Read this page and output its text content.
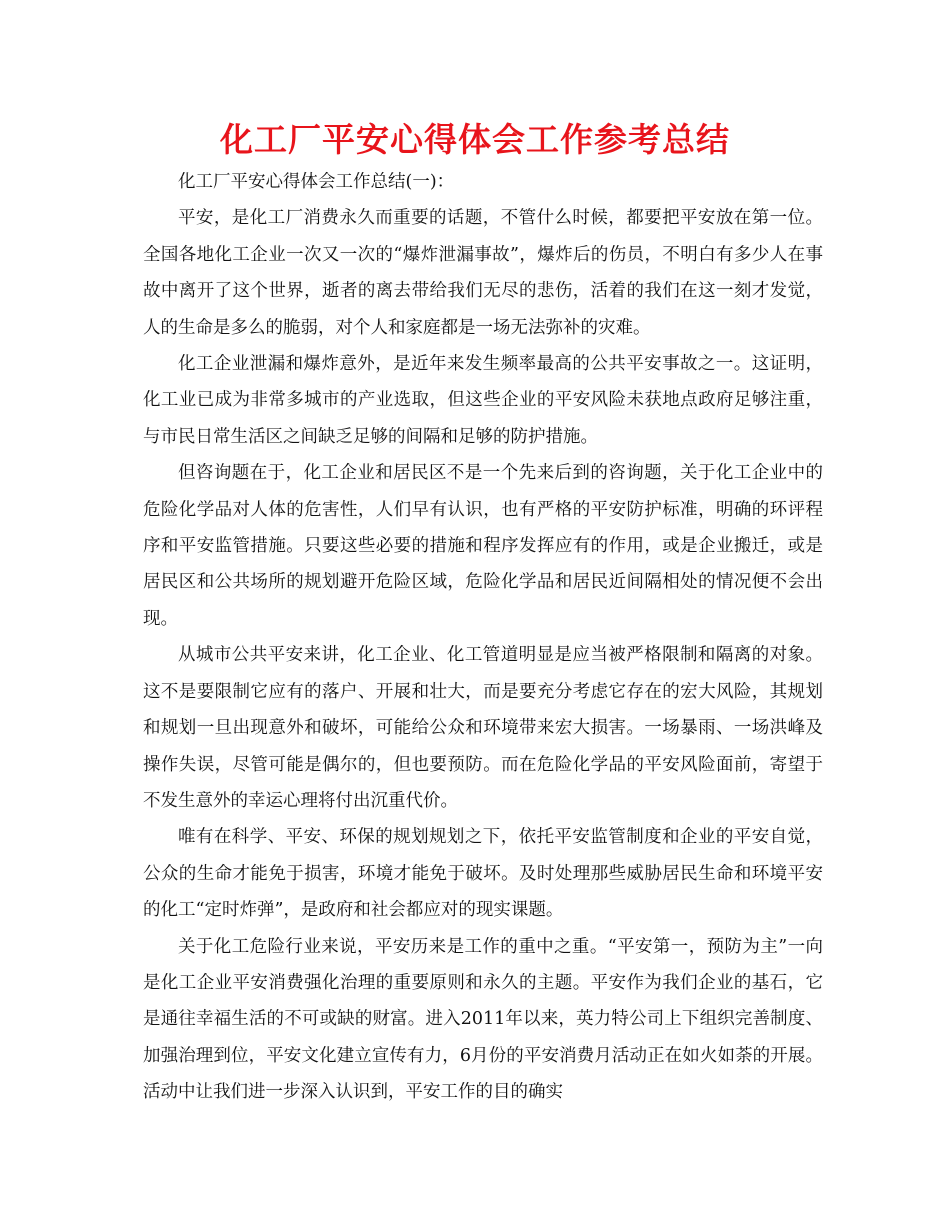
化工厂平安心得体会工作参考总结

化工厂平安心得体会工作总结(一)：

平安，是化工厂消费永久而重要的话题，不管什么时候，都要把平安放在第一位。全国各地化工企业一次又一次的“爆炸泄漏事故”，爆炸后的伤员，不明白有多少人在事故中离开了这个世界，逝者的离去带给我们无尽的悲伤，活着的我们在这一刻才发觉，人的生命是多么的脆弱，对个人和家庭都是一场无法弥补的灾难。

化工企业泄漏和爆炸意外，是近年来发生频率最高的公共平安事故之一。这证明，化工业已成为非常多城市的产业选取，但这些企业的平安风险未获地点政府足够注重，与市民日常生活区之间缺乏足够的间隔和足够的防护措施。

但咨询题在于，化工企业和居民区不是一个先来后到的咨询题，关于化工企业中的危险化学品对人体的危害性，人们早有认识，也有严格的平安防护标准，明确的环评程序和平安监管措施。只要这些必要的措施和程序发挥应有的作用，或是企业搬迁，或是居民区和公共场所的规划避开危险区域，危险化学品和居民近间隔相处的情况便不会出现。

从城市公共平安来讲，化工企业、化工管道明显是应当被严格限制和隔离的对象。这不是要限制它应有的落户、开展和壮大，而是要充分考虑它存在的宏大风险，其规划和规划一旦出现意外和破坏，可能给公众和环境带来宏大损害。一场暴雨、一场洪峰及操作失误，尽管可能是偶尔的，但也要预防。而在危险化学品的平安风险面前，寄望于不发生意外的幸运心理将付出沉重代价。

唯有在科学、平安、环保的规划规划之下，依托平安监管制度和企业的平安自觉，公众的生命才能免于损害，环境才能免于破坏。及时处理那些威胁居民生命和环境平安的化工“定时炸弹”，是政府和社会都应对的现实课题。

关于化工危险行业来说，平安历来是工作的重中之重。“平安第一，预防为主”一向是化工企业平安消费强化治理的重要原则和永久的主题。平安作为我们企业的基石，它是通往幸福生活的不可或缺的财富。进入2011年以来，英力特公司上下组织完善制度、加强治理到位，平安文化建立宣传有力，6月份的平安消费月活动正在如火如荼的开展。活动中让我们进一步深入认识到，平安工作的目的确实
